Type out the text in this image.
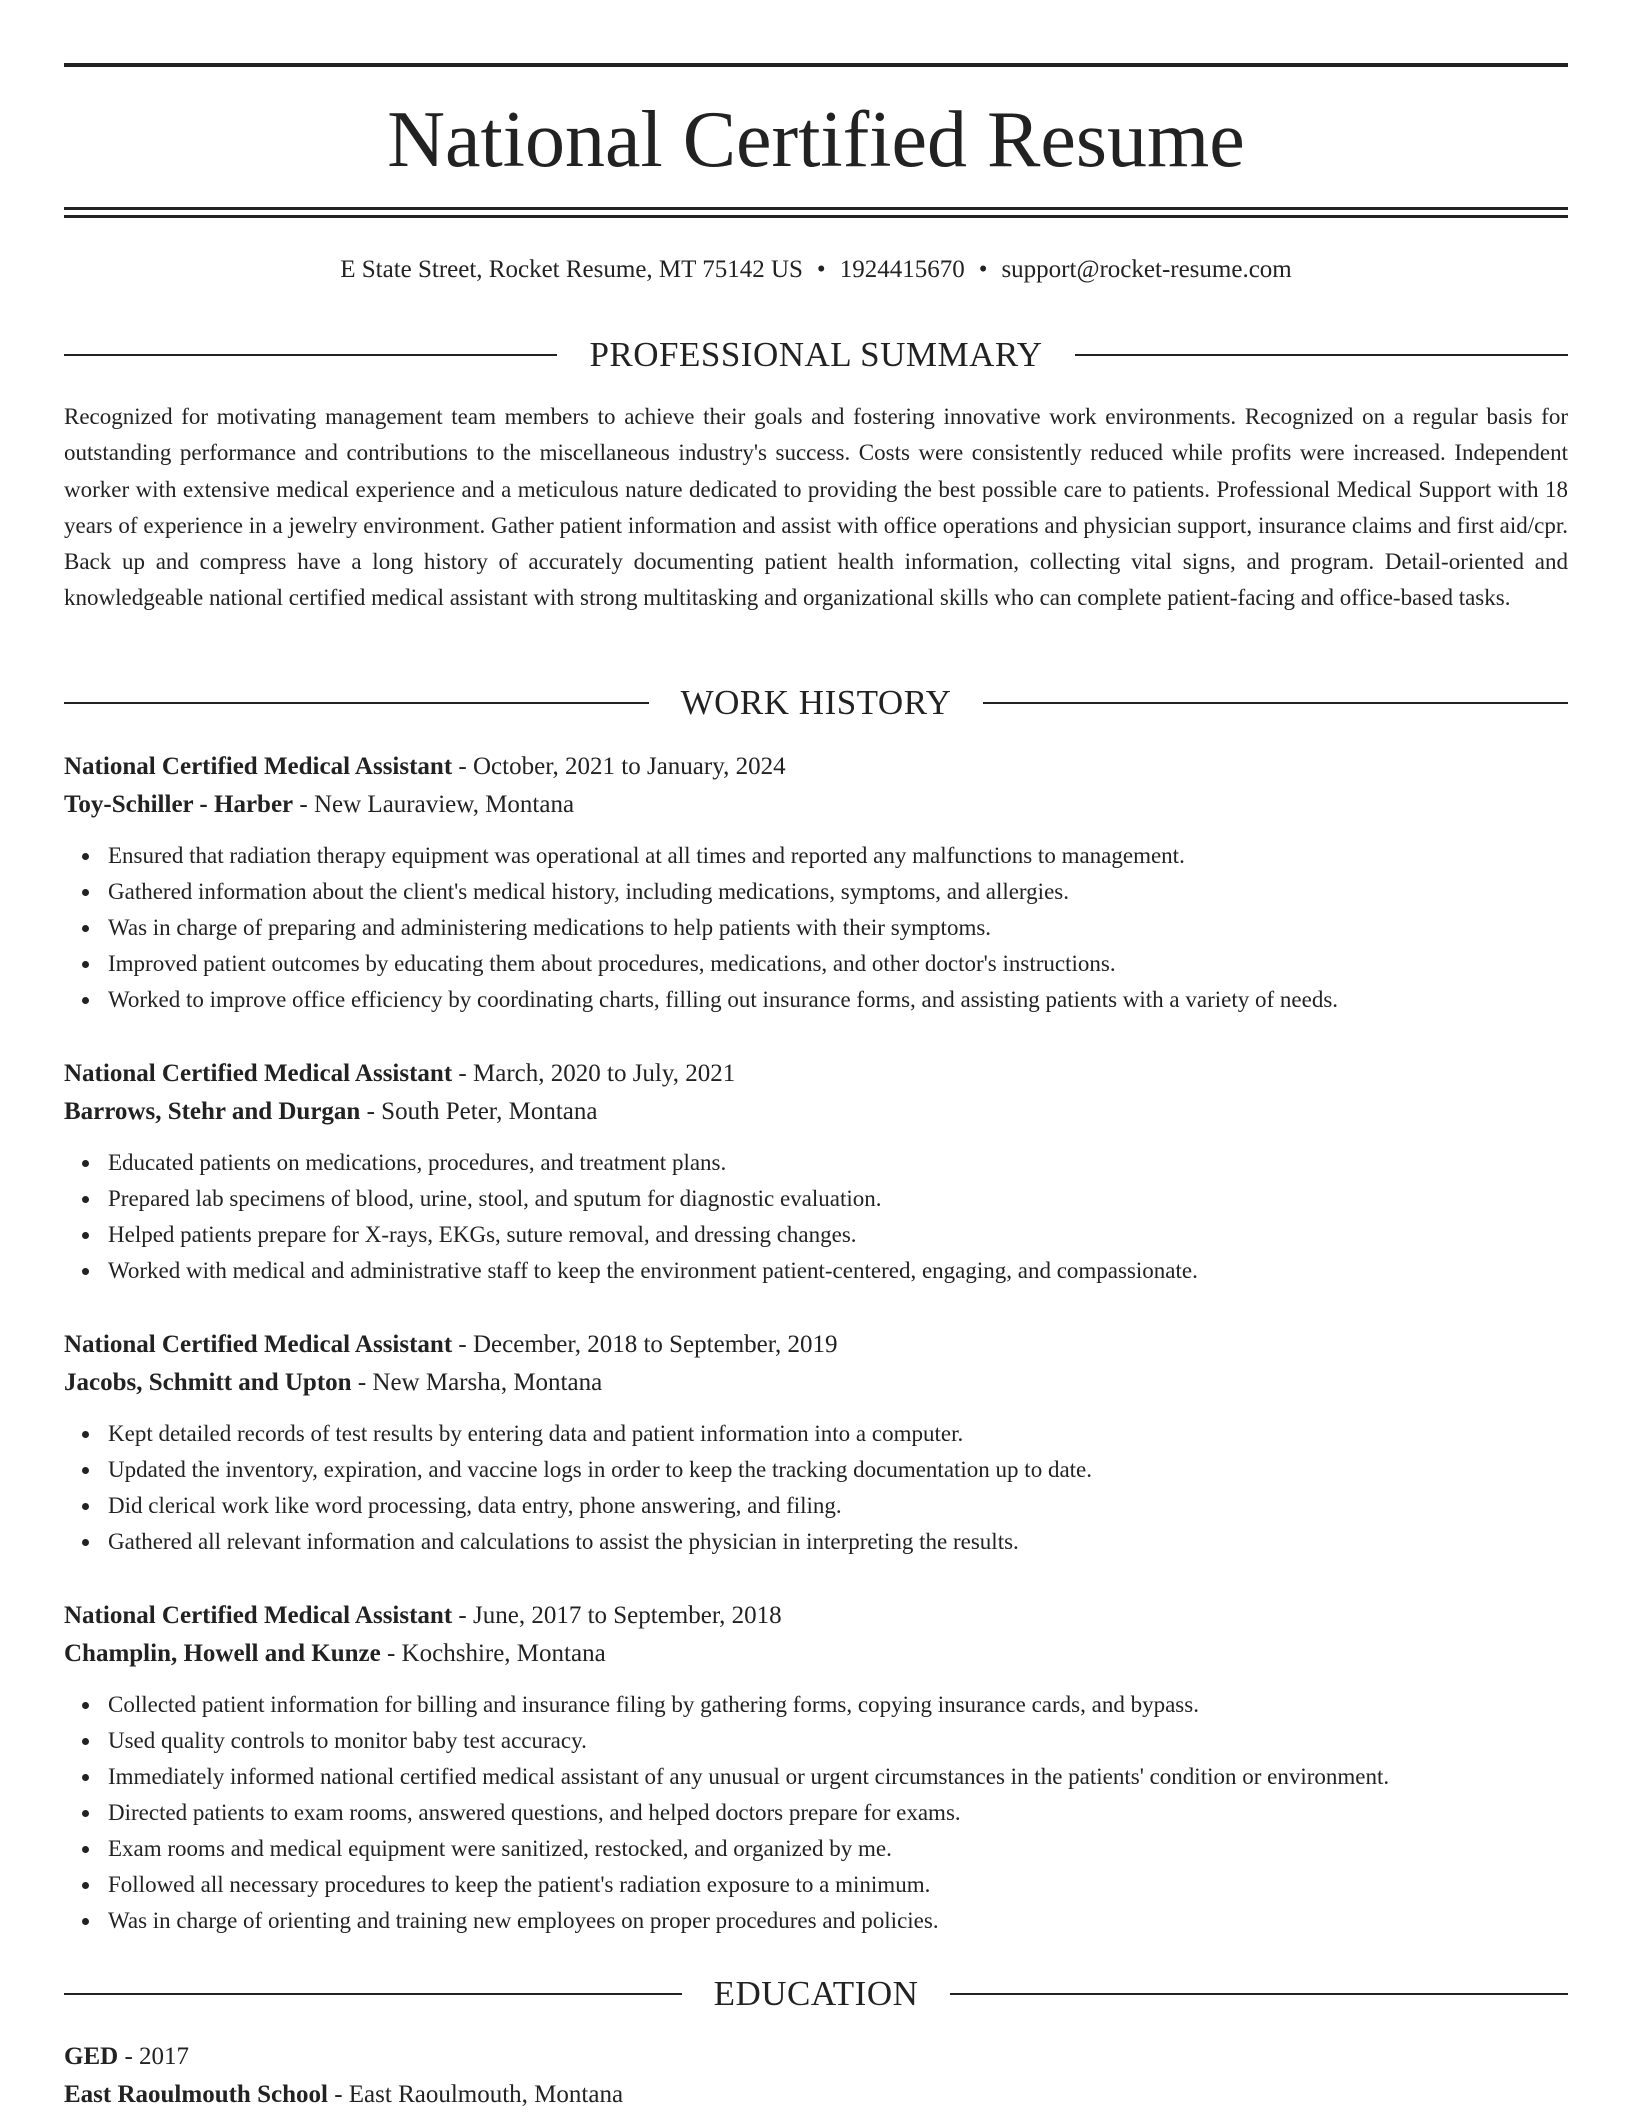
National Certified Resume
E State Street, Rocket Resume, MT 75142 US • 1924415670 • support@rocket-resume.com
PROFESSIONAL SUMMARY

Recognized for motivating management team members to achieve their goals and fostering innovative work environments. Recognized on a regular basis for outstanding performance and contributions to the miscellaneous industry's success. Costs were consistently reduced while profits were increased. Independent worker with extensive medical experience and a meticulous nature dedicated to providing the best possible care to patients. Professional Medical Support with 18 years of experience in a jewelry environment. Gather patient information and assist with office operations and physician support, insurance claims and first aid/cpr. Back up and compress have a long history of accurately documenting patient health information, collecting vital signs, and program. Detail-oriented and knowledgeable national certified medical assistant with strong multitasking and organizational skills who can complete patient-facing and office-based tasks.

WORK HISTORY
National Certified Medical Assistant - October, 2021 to January, 2024
Toy-Schiller - Harber - New Lauraview, Montana
Ensured that radiation therapy equipment was operational at all times and reported any malfunctions to management.
Gathered information about the client's medical history, including medications, symptoms, and allergies.
Was in charge of preparing and administering medications to help patients with their symptoms.
Improved patient outcomes by educating them about procedures, medications, and other doctor's instructions.
Worked to improve office efficiency by coordinating charts, filling out insurance forms, and assisting patients with a variety of needs.
National Certified Medical Assistant - March, 2020 to July, 2021
Barrows, Stehr and Durgan - South Peter, Montana
Educated patients on medications, procedures, and treatment plans.
Prepared lab specimens of blood, urine, stool, and sputum for diagnostic evaluation.
Helped patients prepare for X-rays, EKGs, suture removal, and dressing changes.
Worked with medical and administrative staff to keep the environment patient-centered, engaging, and compassionate.
National Certified Medical Assistant - December, 2018 to September, 2019
Jacobs, Schmitt and Upton - New Marsha, Montana
Kept detailed records of test results by entering data and patient information into a computer.
Updated the inventory, expiration, and vaccine logs in order to keep the tracking documentation up to date.
Did clerical work like word processing, data entry, phone answering, and filing.
Gathered all relevant information and calculations to assist the physician in interpreting the results.
National Certified Medical Assistant - June, 2017 to September, 2018
Champlin, Howell and Kunze - Kochshire, Montana
Collected patient information for billing and insurance filing by gathering forms, copying insurance cards, and bypass.
Used quality controls to monitor baby test accuracy.
Immediately informed national certified medical assistant of any unusual or urgent circumstances in the patients' condition or environment.
Directed patients to exam rooms, answered questions, and helped doctors prepare for exams.
Exam rooms and medical equipment were sanitized, restocked, and organized by me.
Followed all necessary procedures to keep the patient's radiation exposure to a minimum.
Was in charge of orienting and training new employees on proper procedures and policies.
EDUCATION
GED - 2017
East Raoulmouth School - East Raoulmouth, Montana
